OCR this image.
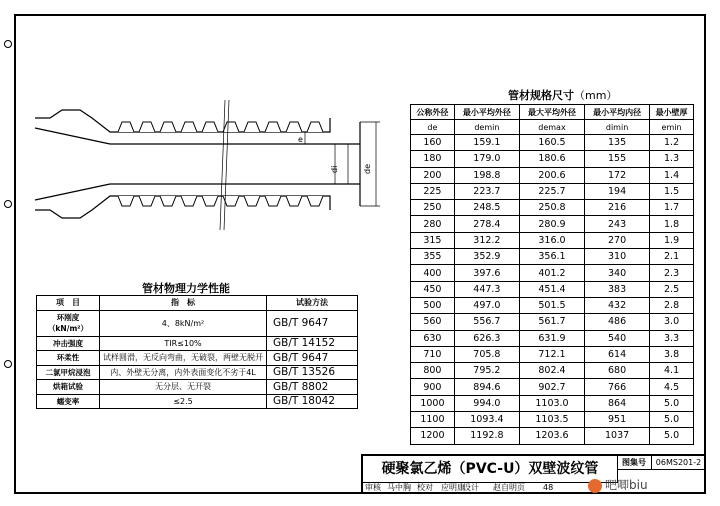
e
di	de
管材规格尺寸（mm）
公称外径	最小平均外径	最大平均外径	最小平均内径	最小壁厚
de	demin	demax	dimin	emin
160	159.1	160.5	135	1.2
180	179.0	180.6	155	1.3
200	198.8	200.6	172	1.4
225	223.7	225.7	194	1.5
250	248.5	250.8	216	1.7
280	278.4	280.9	243	1.8
315	312.2	316.0	270	1.9
355	352.9	356.1	310	2.1
400	397.6	401.2	340	2.3
450	447.3	451.4	383	2.5
500	497.0	501.5	432	2.8
560	556.7	561.7	486	3.0
630	626.3	631.9	540	3.3
710	705.8	712.1	614	3.8
800	795.2	802.4	680	4.1
900	894.6	902.7	766	4.5
1000	994.0	1103.0	864	5.0
1100	1093.4	1103.5	951	5.0
1200	1192.8	1203.6	1037	5.0
管材物理力学性能
项　目	指　标	试验方法
环刚度（kN/m²）	4、8kN/m²	GB/T 9647
冲击强度	TIR≤10%	GB/T 14152
环柔性	试样圆滑，无反向弯曲，无破裂，两壁无脱开	GB/T 9647
二氯甲烷浸泡	内、外壁无分离，内外表面变化不劣于4L	GB/T 13526
烘箱试验	无分层、无开裂	GB/T 8802
蠕变率	≤2.5	GB/T 18042
硬聚氯乙烯（PVC-U）双壁波纹管	图集号	06MS201-2
审核 马中胸 校对 应明康
设计 赵自明 页 48	吧唧biu
